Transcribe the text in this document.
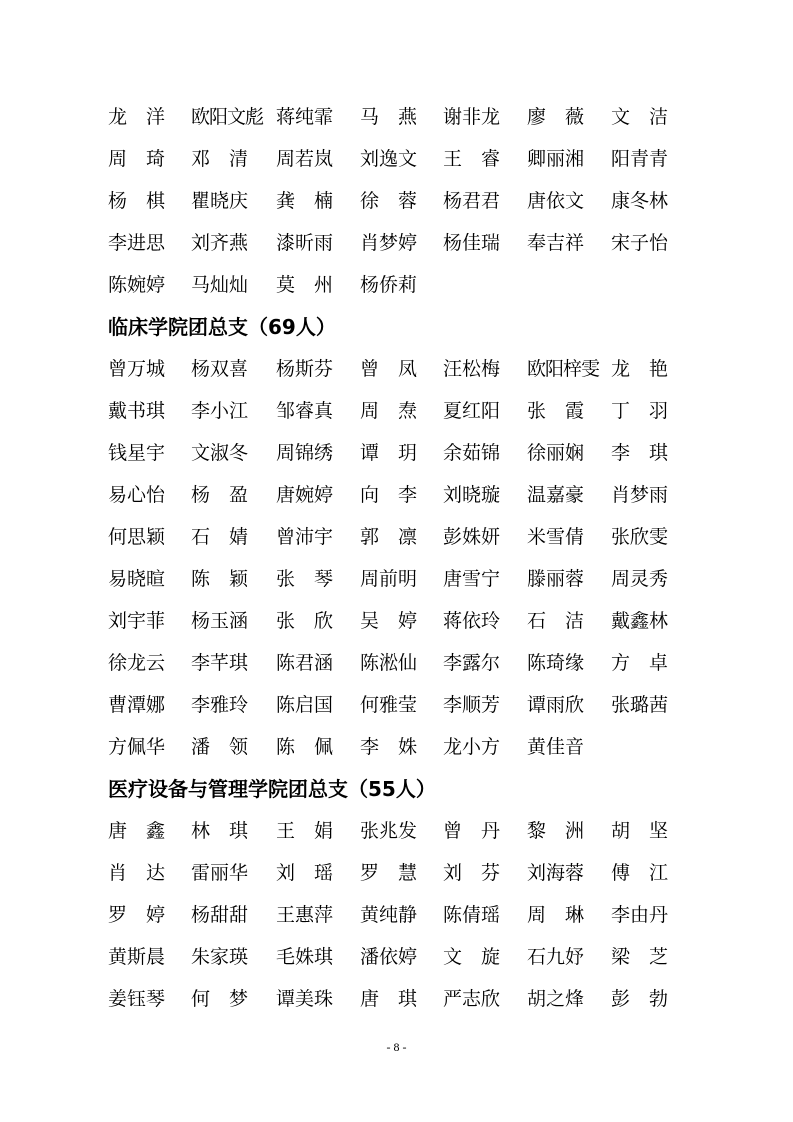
龙　洋 欧阳文彪 蒋纯霏 马　燕 谢非龙 廖　薇 文　洁
周　琦 邓　清 周若岚 刘逸文 王　睿 卿丽湘 阳青青
杨　棋 瞿晓庆 龚　楠 徐　蓉 杨君君 唐依文 康冬林
李进思 刘齐燕 漆昕雨 肖梦婷 杨佳瑞 奉吉祥 宋子怡
陈婉婷 马灿灿 莫　州 杨侨莉
临床学院团总支（69人）
曾万城 杨双喜 杨斯芬 曾　凤 汪松梅 欧阳梓雯 龙　艳
戴书琪 李小江 邹睿真 周　焘 夏红阳 张　霞 丁　羽
钱星宇 文淑冬 周锦绣 谭　玥 余茹锦 徐丽娴 李　琪
易心怡 杨　盈 唐婉婷 向　李 刘晓璇 温嘉豪 肖梦雨
何思颖 石　婧 曾沛宇 郭　凛 彭姝妍 米雪倩 张欣雯
易晓暄 陈　颖 张　琴 周前明 唐雪宁 滕丽蓉 周灵秀
刘宇菲 杨玉涵 张　欣 吴　婷 蒋依玲 石　洁 戴鑫林
徐龙云 李芊琪 陈君涵 陈淞仙 李露尔 陈琦缘 方　卓
曹潭娜 李雅玲 陈启国 何雅莹 李顺芳 谭雨欣 张璐茜
方佩华 潘　领 陈　佩 李　姝 龙小方 黄佳音
医疗设备与管理学院团总支（55人）
唐　鑫 林　琪 王　娟 张兆发 曾　丹 黎　洲 胡　坚
肖　达 雷丽华 刘　瑶 罗　慧 刘　芬 刘海蓉 傅　江
罗　婷 杨甜甜 王惠萍 黄纯静 陈倩瑶 周　琳 李由丹
黄斯晨 朱家瑛 毛姝琪 潘依婷 文　旋 石九妤 梁　芝
姜钰琴 何　梦 谭美珠 唐　琪 严志欣 胡之烽 彭　勃
- 8 -
